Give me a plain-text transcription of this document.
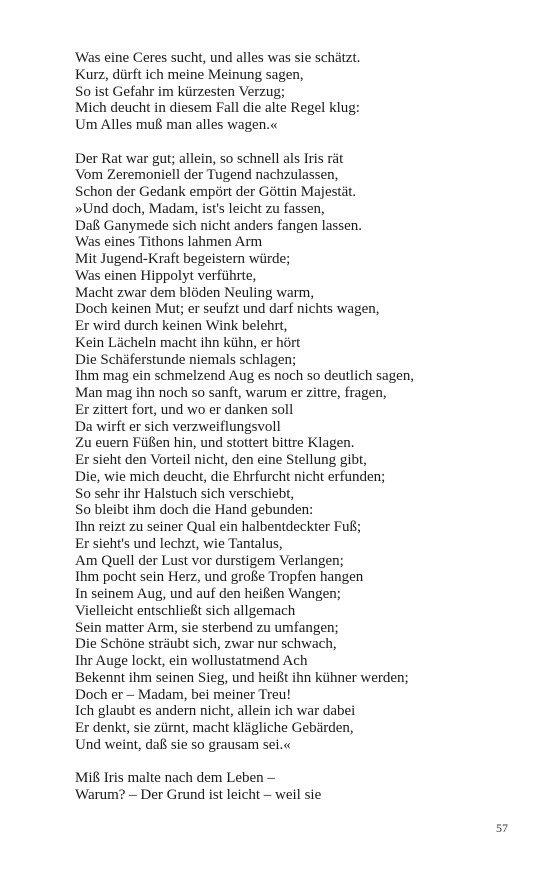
Was eine Ceres sucht, und alles was sie schätzt.
Kurz, dürft ich meine Meinung sagen,
So ist Gefahr im kürzesten Verzug;
Mich deucht in diesem Fall die alte Regel klug:
Um Alles muß man alles wagen.«
Der Rat war gut; allein, so schnell als Iris rät
Vom Zeremoniell der Tugend nachzulassen,
Schon der Gedank empört der Göttin Majestät.
»Und doch, Madam, ist's leicht zu fassen,
Daß Ganymede sich nicht anders fangen lassen.
Was eines Tithons lahmen Arm
Mit Jugend-Kraft begeistern würde;
Was einen Hippolyt verführte,
Macht zwar dem blöden Neuling warm,
Doch keinen Mut; er seufzt und darf nichts wagen,
Er wird durch keinen Wink belehrt,
Kein Lächeln macht ihn kühn, er hört
Die Schäferstunde niemals schlagen;
Ihm mag ein schmelzend Aug es noch so deutlich sagen,
Man mag ihn noch so sanft, warum er zittre, fragen,
Er zittert fort, und wo er danken soll
Da wirft er sich verzweiflungsvoll
Zu euern Füßen hin, und stottert bittre Klagen.
Er sieht den Vorteil nicht, den eine Stellung gibt,
Die, wie mich deucht, die Ehrfurcht nicht erfunden;
So sehr ihr Halstuch sich verschiebt,
So bleibt ihm doch die Hand gebunden:
Ihn reizt zu seiner Qual ein halbentdeckter Fuß;
Er sieht's und lechzt, wie Tantalus,
Am Quell der Lust vor durstigem Verlangen;
Ihm pocht sein Herz, und große Tropfen hangen
In seinem Aug, und auf den heißen Wangen;
Vielleicht entschließt sich allgemach
Sein matter Arm, sie sterbend zu umfangen;
Die Schöne sträubt sich, zwar nur schwach,
Ihr Auge lockt, ein wollustatmend Ach
Bekennt ihm seinen Sieg, und heißt ihn kühner werden;
Doch er – Madam, bei meiner Treu!
Ich glaubt es andern nicht, allein ich war dabei
Er denkt, sie zürnt, macht klägliche Gebärden,
Und weint, daß sie so grausam sei.«
Miß Iris malte nach dem Leben –
Warum? – Der Grund ist leicht – weil sie
57
